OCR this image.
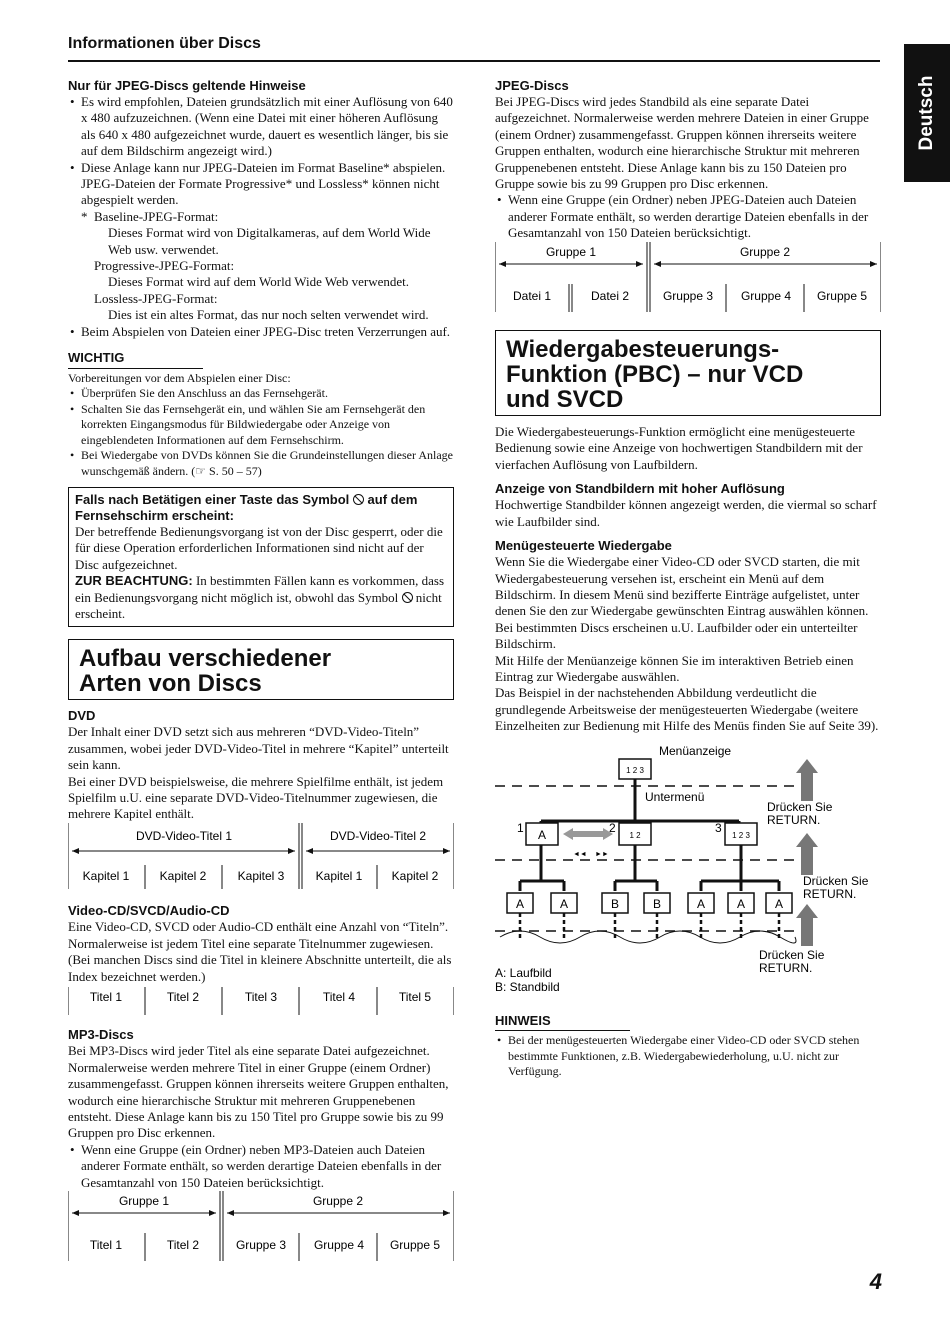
Informationen über Discs
Deutsch
Nur für JPEG-Discs geltende Hinweise
• Es wird empfohlen, Dateien grundsätzlich mit einer Auflösung von 640 x 480 aufzuzeichnen. (Wenn eine Datei mit einer höheren Auflösung als 640 x 480 aufgezeichnet wurde, dauert es wesentlich länger, bis sie auf dem Bildschirm angezeigt wird.)
• Diese Anlage kann nur JPEG-Dateien im Format Baseline* abspielen. JPEG-Dateien der Formate Progressive* und Lossless* können nicht abgespielt werden.
* Baseline-JPEG-Format:
Dieses Format wird von Digitalkameras, auf dem World Wide Web usw. verwendet.
Progressive-JPEG-Format:
Dieses Format wird auf dem World Wide Web verwendet.
Lossless-JPEG-Format:
Dies ist ein altes Format, das nur noch selten verwendet wird.
• Beim Abspielen von Dateien einer JPEG-Disc treten Verzerrungen auf.
WICHTIG

Vorbereitungen vor dem Abspielen einer Disc:

• Überprüfen Sie den Anschluss an das Fernsehgerät.
• Schalten Sie das Fernsehgerät ein, und wählen Sie am Fernsehgerät den korrekten Eingangsmodus für Bildwiedergabe oder Anzeige von eingeblendeten Informationen auf dem Fernsehschirm.
• Bei Wiedergabe von DVDs können Sie die Grundeinstellungen dieser Anlage wunschgemäß ändern. (☞ S. 50 – 57)
Falls nach Betätigen einer Taste das Symbol auf dem Fernsehschirm erscheint:

Der betreffende Bedienungsvorgang ist von der Disc gesperrt, oder die für diese Operation erforderlichen Informationen sind nicht auf der Disc aufgezeichnet.

ZUR BEACHTUNG: In bestimmten Fällen kann es vorkommen, dass ein Bedienungsvorgang nicht möglich ist, obwohl das Symbol nicht erscheint.

Aufbau verschiedener
Arten von Discs
DVD

Der Inhalt einer DVD setzt sich aus mehreren “DVD-Video-Titeln” zusammen, wobei jeder DVD-Video-Titel in mehrere “Kapitel” unterteilt sein kann.

Bei einer DVD beispielsweise, die mehrere Spielfilme enthält, ist jedem Spielfilm u.U. eine separate DVD-Video-Titelnummer zugewiesen, die mehrere Kapitel enthält.

DVD-Video-Titel 1	DVD-Video-Titel 2
Kapitel 1	Kapitel 2	Kapitel 3	Kapitel 1 Kapitel 2
Video-CD/SVCD/Audio-CD

Eine Video-CD, SVCD oder Audio-CD enthält eine Anzahl von “Titeln”.

Normalerweise ist jedem Titel eine separate Titelnummer zugewiesen. (Bei manchen Discs sind die Titel in kleinere Abschnitte unterteilt, die als Index bezeichnet werden.)

Titel 1	Titel 2	Titel 3	Titel 4	Titel 5
MP3-Discs

Bei MP3-Discs wird jeder Titel als eine separate Datei aufgezeichnet. Normalerweise werden mehrere Titel in einer Gruppe (einem Ordner) zusammengefasst. Gruppen können ihrerseits weitere Gruppen enthalten, wodurch eine hierarchische Struktur mit mehreren Gruppenebenen entsteht. Diese Anlage kann bis zu 150 Titel pro Gruppe sowie bis zu 99 Gruppen pro Disc erkennen.

• Wenn eine Gruppe (ein Ordner) neben MP3-Dateien auch Dateien anderer Formate enthält, so werden derartige Dateien ebenfalls in der Gesamtanzahl von 150 Dateien berücksichtigt.
Gruppe 1	Gruppe 2
Titel 1	Titel 2	Gruppe 3 Gruppe 4 Gruppe 5
JPEG-Discs

Bei JPEG-Discs wird jedes Standbild als eine separate Datei aufgezeichnet. Normalerweise werden mehrere Dateien in einer Gruppe (einem Ordner) zusammengefasst. Gruppen können ihrerseits weitere Gruppen enthalten, wodurch eine hierarchische Struktur mit mehreren Gruppenebenen entsteht. Diese Anlage kann bis zu 150 Dateien pro Gruppe sowie bis zu 99 Gruppen pro Disc erkennen.

• Wenn eine Gruppe (ein Ordner) neben JPEG-Dateien auch Dateien anderer Formate enthält, so werden derartige Dateien ebenfalls in der Gesamtanzahl von 150 Dateien berücksichtigt.
Gruppe 1	Gruppe 2
Datei 1	Datei 2	Gruppe 3 Gruppe 4 Gruppe 5
Wiedergabesteuerungs-
Funktion (PBC) – nur VCD
und SVCD

Die Wiedergabesteuerungs-Funktion ermöglicht eine menügesteuerte Bedienung sowie eine Anzeige von hochwertigen Standbildern mit der vierfachen Auflösung von Laufbildern.

Anzeige von Standbildern mit hoher Auflösung

Hochwertige Standbilder können angezeigt werden, die viermal so scharf wie Laufbilder sind.

Menügesteuerte Wiedergabe

Wenn Sie die Wiedergabe einer Video-CD oder SVCD starten, die mit Wiedergabesteuerung versehen ist, erscheint ein Menü auf dem Bildschirm. In diesem Menü sind bezifferte Einträge aufgelistet, unter denen Sie den zur Wiedergabe gewünschten Eintrag auswählen können. Bei bestimmten Discs erscheinen u.U. Laufbilder oder ein unterteilter Bildschirm.

Mit Hilfe der Menüanzeige können Sie im interaktiven Betrieb einen Eintrag zur Wiedergabe auswählen.

Das Beispiel in der nachstehenden Abbildung verdeutlicht die grundlegende Arbeitsweise der menügesteuerten Wiedergabe (weitere Einzelheiten zur Bedienung mit Hilfe des Menüs finden Sie auf Seite 39).

1 2 3
Menüanzeige
Untermenü
Drücken Sie
RETURN.
1 A	2
1 2
3
1 2 3
◄◄ ►►
Drücken Sie
RETURN.
A	A	B	B	A	A A
Drücken Sie
RETURN.
A: Laufbild
B: Standbild
HINWEIS
• Bei der menügesteuerten Wiedergabe einer Video-CD oder SVCD stehen bestimmte Funktionen, z.B. Wiedergabewiederholung, u.U. nicht zur Verfügung.
4
